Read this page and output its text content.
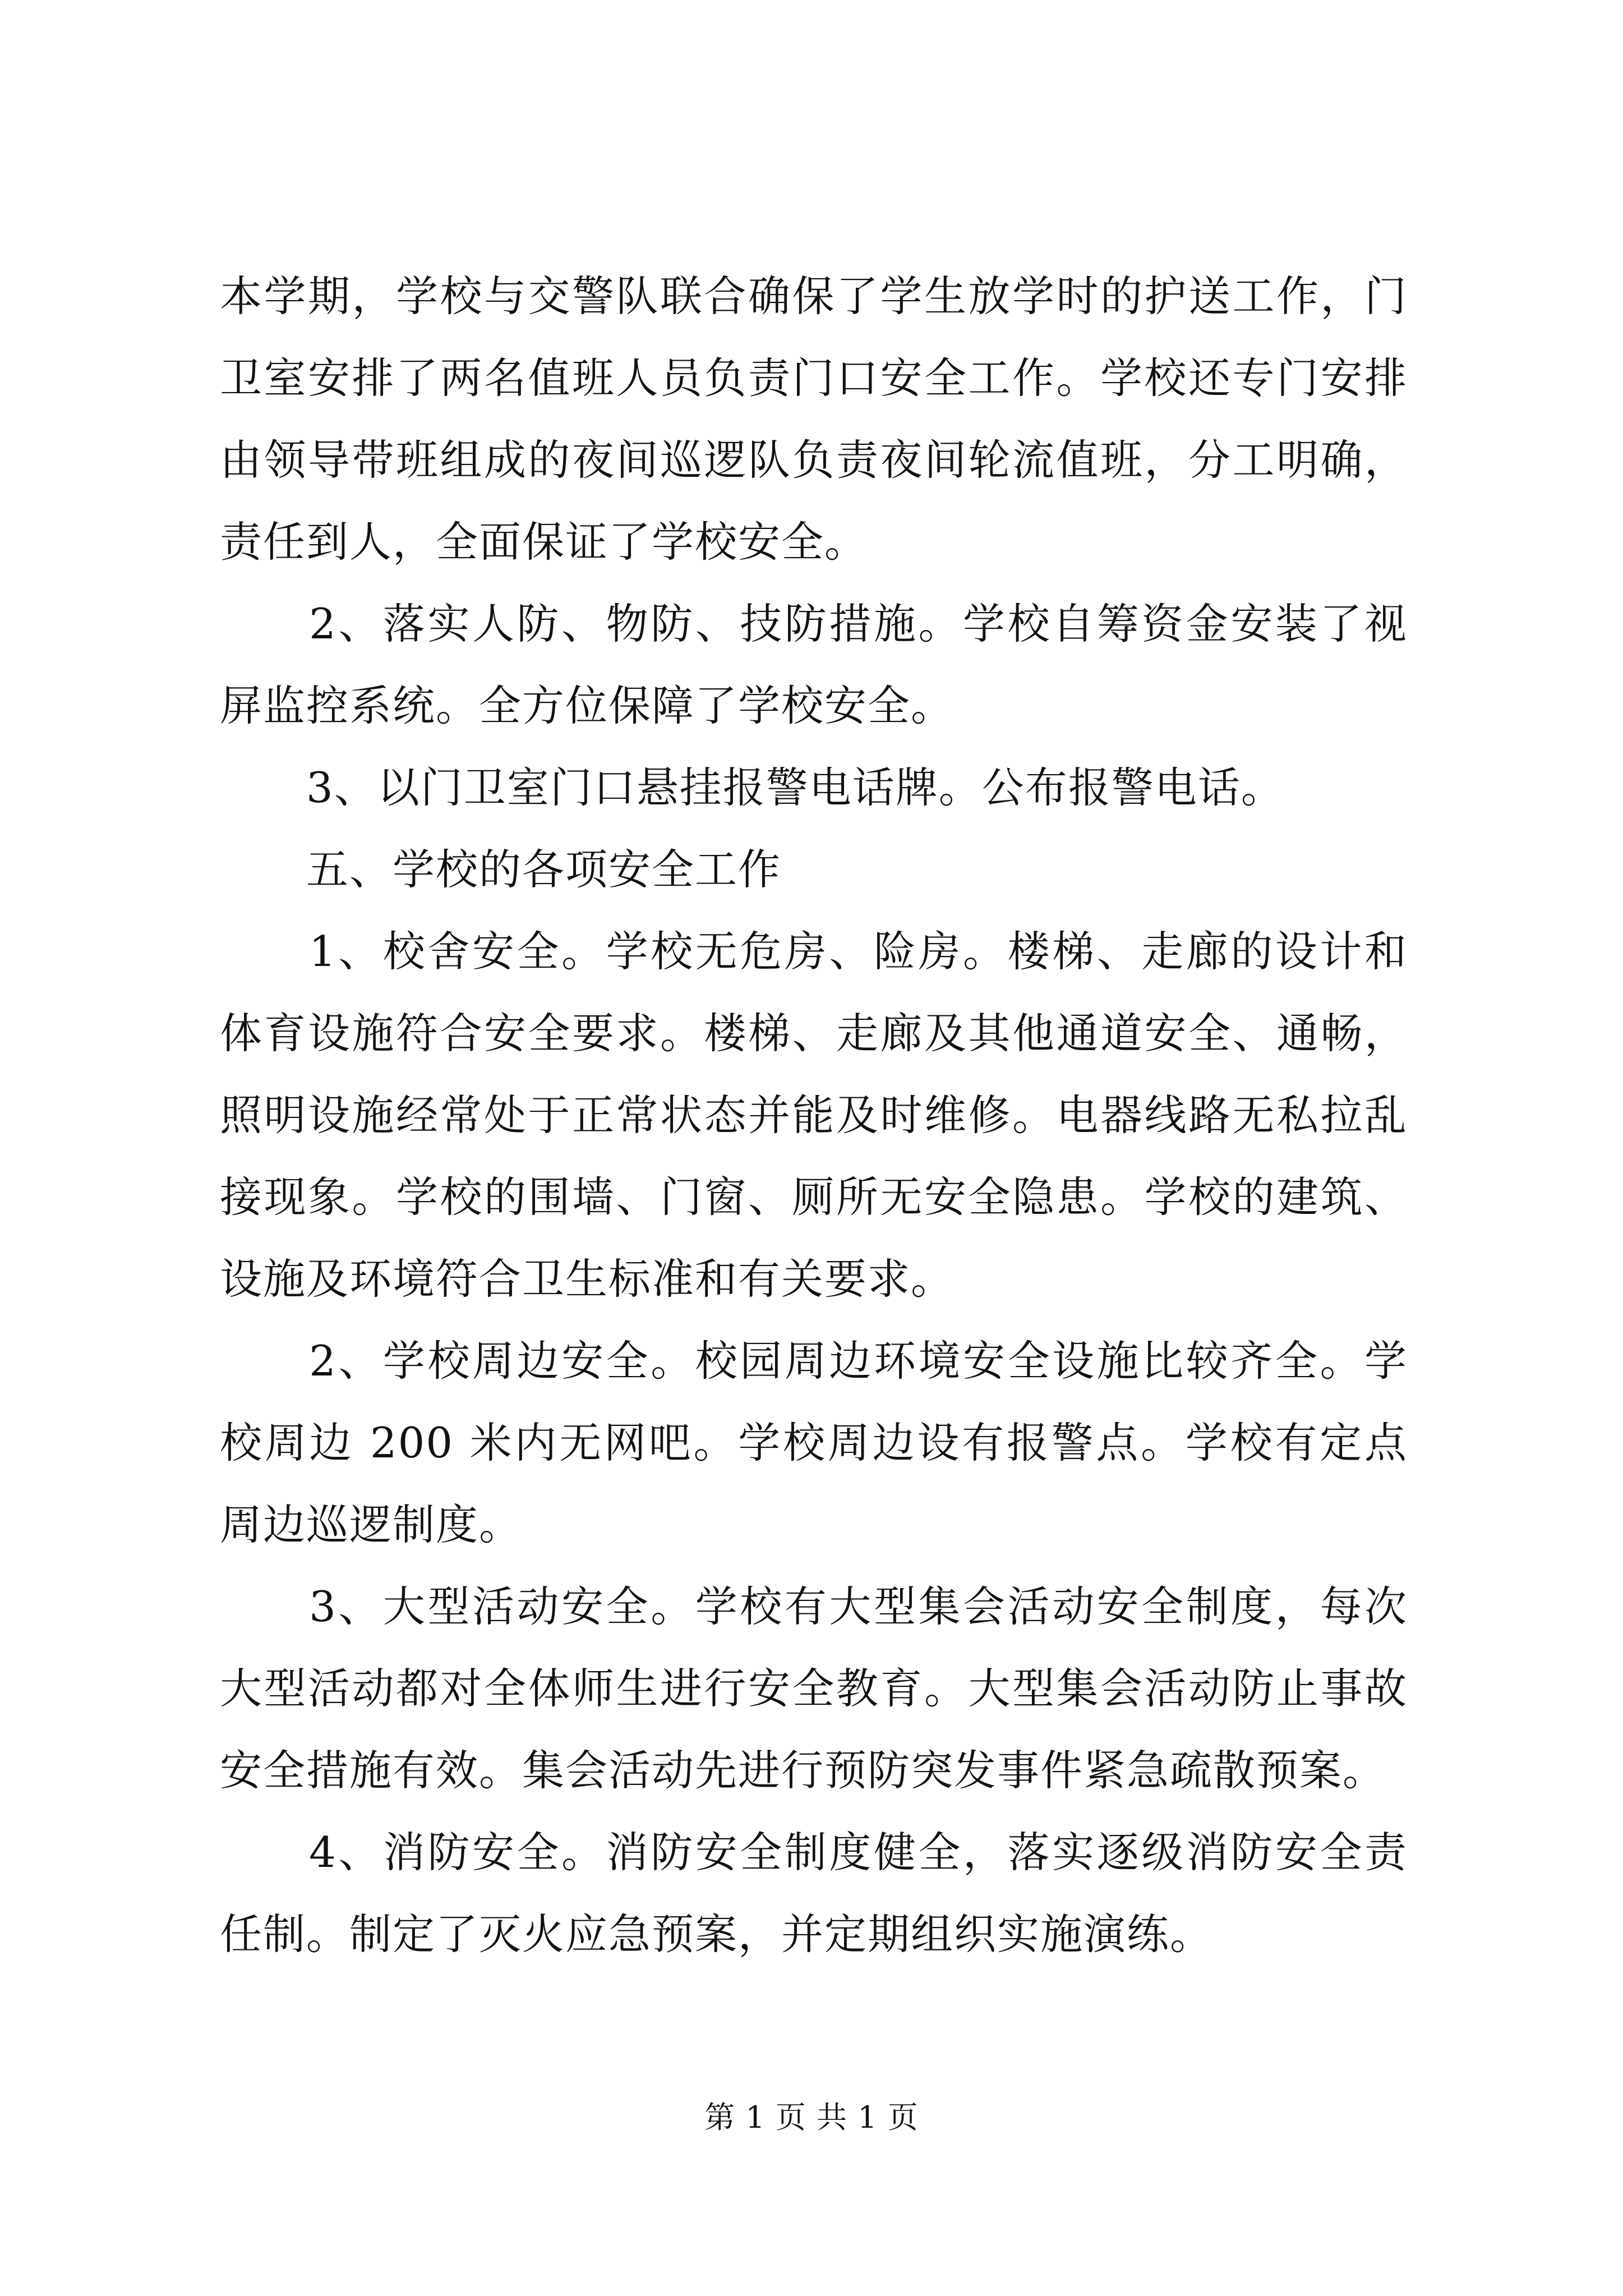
本学期，学校与交警队联合确保了学生放学时的护送工作，门卫室安排了两名值班人员负责门口安全工作。学校还专门安排由领导带班组成的夜间巡逻队负责夜间轮流值班，分工明确，责任到人，全面保证了学校安全。

　　2、落实人防、物防、技防措施。学校自筹资金安装了视屏监控系统。全方位保障了学校安全。

　　3、以门卫室门口悬挂报警电话牌。公布报警电话。

　　五、学校的各项安全工作

　　1、校舍安全。学校无危房、险房。楼梯、走廊的设计和体育设施符合安全要求。楼梯、走廊及其他通道安全、通畅，照明设施经常处于正常状态并能及时维修。电器线路无私拉乱接现象。学校的围墙、门窗、厕所无安全隐患。学校的建筑、设施及环境符合卫生标准和有关要求。

　　2、学校周边安全。校园周边环境安全设施比较齐全。学校周边 200 米内无网吧。学校周边设有报警点。学校有定点周边巡逻制度。

　　3、大型活动安全。学校有大型集会活动安全制度，每次大型活动都对全体师生进行安全教育。大型集会活动防止事故安全措施有效。集会活动先进行预防突发事件紧急疏散预案。

　　4、消防安全。消防安全制度健全，落实逐级消防安全责任制。制定了灭火应急预案，并定期组织实施演练。

第 1 页 共 1 页
